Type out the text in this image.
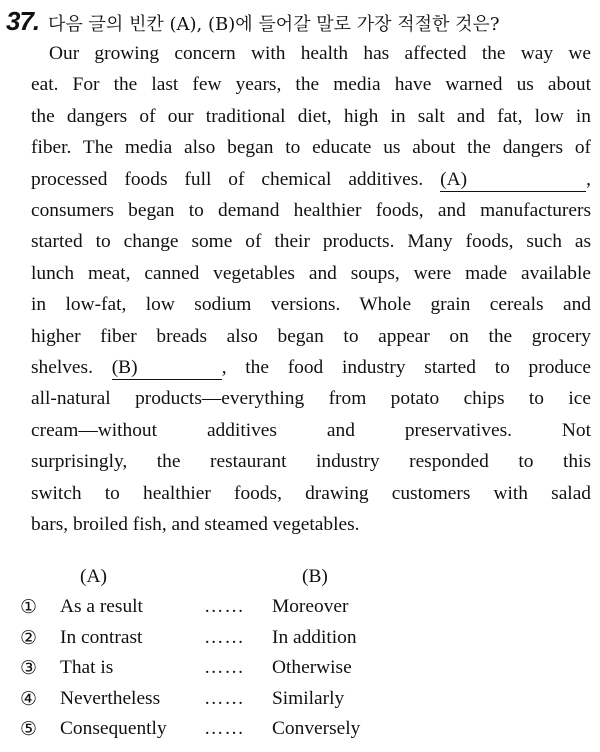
37. 다음 글의 빈칸 (A), (B)에 들어갈 말로 가장 적절한 것은?
Our growing concern with health has affected the way we
eat. For the last few years, the media have warned us about
the dangers of our traditional diet, high in salt and fat, low in
fiber. The media also began to educate us about the dangers of
processed foods full of chemical additives. (A)	,
consumers began to demand healthier foods, and manufacturers
started to change some of their products. Many foods, such as
lunch meat, canned vegetables and soups, were made available
in low-fat, low sodium versions. Whole grain cereals and
higher fiber breads also began to appear on the grocery
shelves. (B)	, the food industry started to produce
all-natural products—everything from potato chips to ice
cream—without additives and preservatives. Not
surprisingly, the restaurant industry responded to this
switch to healthier foods, drawing customers with salad
bars, broiled fish, and steamed vegetables.
(A)	(B)
① As a result	…… Moreover
② In contrast	…… In addition
③ That is	…… Otherwise
④ Nevertheless …… Similarly
⑤ Consequently …… Conversely
